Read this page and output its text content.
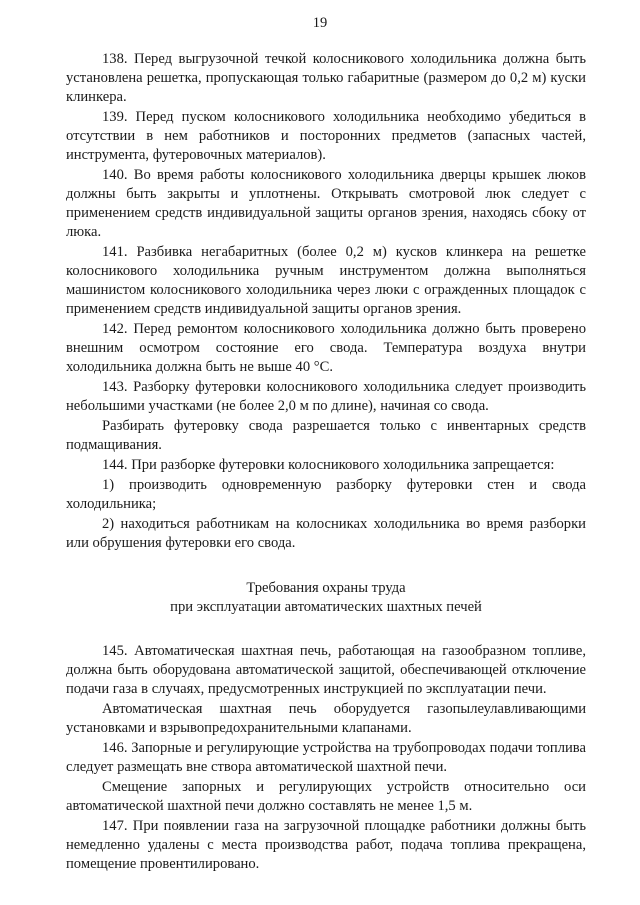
19

138. Перед выгрузочной течкой колосникового холодильника должна быть установлена решетка, пропускающая только габаритные (размером до 0,2 м) куски клинкера.

139. Перед пуском колосникового холодильника необходимо убедиться в отсутствии в нем работников и посторонних предметов (запасных частей, инструмента, футеровочных материалов).

140. Во время работы колосникового холодильника дверцы крышек люков должны быть закрыты и уплотнены. Открывать смотровой люк следует с применением средств индивидуальной защиты органов зрения, находясь сбоку от люка.

141. Разбивка негабаритных (более 0,2 м) кусков клинкера на решетке колосникового холодильника ручным инструментом должна выполняться машинистом колосникового холодильника через люки с огражденных площадок с применением средств индивидуальной защиты органов зрения.

142. Перед ремонтом колосникового холодильника должно быть проверено внешним осмотром состояние его свода. Температура воздуха внутри холодильника должна быть не выше 40 °С.

143. Разборку футеровки колосникового холодильника следует производить небольшими участками (не более 2,0 м по длине), начиная со свода.

Разбирать футеровку свода разрешается только с инвентарных средств подмащивания.

144. При разборке футеровки колосникового холодильника запрещается:

1) производить одновременную разборку футеровки стен и свода холодильника;

2) находиться работникам на колосниках холодильника во время разборки или обрушения футеровки его свода.

Требования охраны труда

при эксплуатации автоматических шахтных печей

145. Автоматическая шахтная печь, работающая на газообразном топливе, должна быть оборудована автоматической защитой, обеспечивающей отключение подачи газа в случаях, предусмотренных инструкцией по эксплуатации печи.

Автоматическая шахтная печь оборудуется газопылеулавливающими установками и взрывопредохранительными клапанами.

146. Запорные и регулирующие устройства на трубопроводах подачи топлива следует размещать вне створа автоматической шахтной печи.

Смещение запорных и регулирующих устройств относительно оси автоматической шахтной печи должно составлять не менее 1,5 м.

147. При появлении газа на загрузочной площадке работники должны быть немедленно удалены с места производства работ, подача топлива прекращена, помещение провентилировано.
